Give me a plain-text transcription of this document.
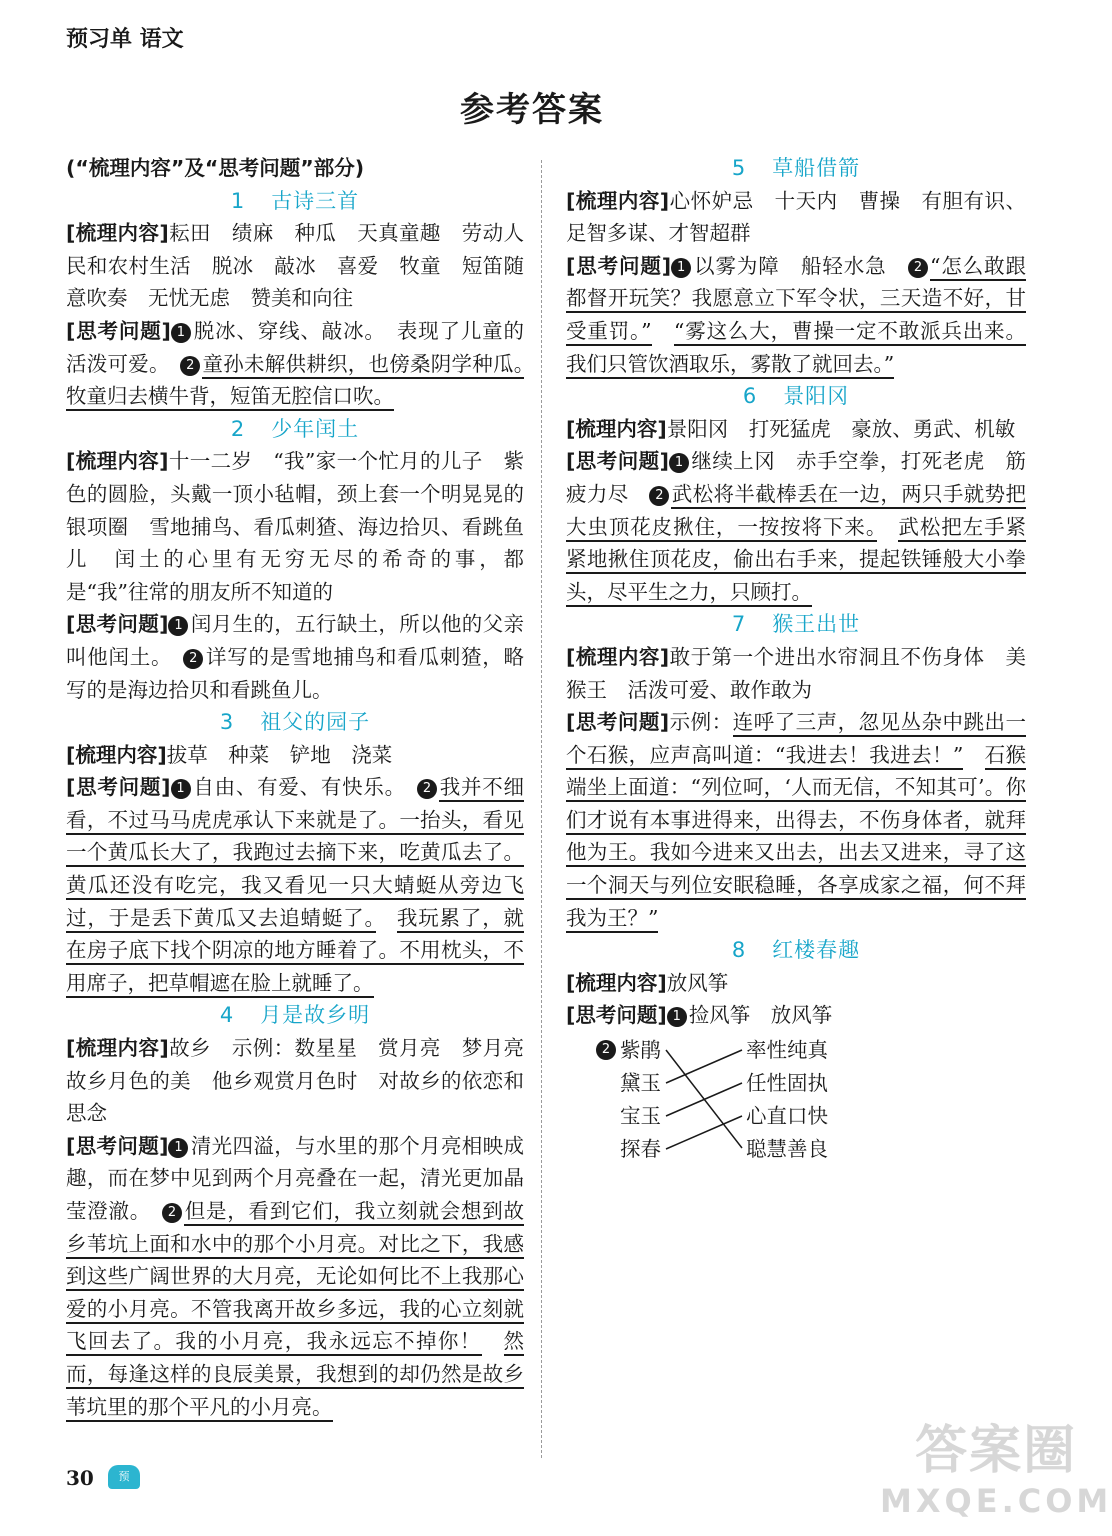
预习单 语文
参考答案
(“梳理内容”及“思考问题”部分)
1 古诗三首
[梳理内容]耘田　绩麻　种瓜　天真童趣　劳动人民和农村生活　脱冰　敲冰　喜爱　牧童　短笛随意吹奏　无忧无虑　赞美和向往
[思考问题] 1 脱冰、穿线、敲冰。　表现了儿童的活泼可爱。　 2 童孙未解供耕织，也傍桑阴学种瓜。　牧童归去横牛背，短笛无腔信口吹。
2 少年闰土
[梳理内容]十一二岁　“我”家一个忙月的儿子　紫色的圆脸，头戴一顶小毡帽，颈上套一个明晃晃的银项圈　雪地捕鸟、看瓜刺猹、海边拾贝、看跳鱼儿　闰土的心里有无穷无尽的希奇的事，都是“我”往常的朋友所不知道的
[思考问题] 1 闰月生的，五行缺土，所以他的父亲叫他闰土。　 2 详写的是雪地捕鸟和看瓜刺猹，略写的是海边拾贝和看跳鱼儿。
3 祖父的园子
[梳理内容]拔草　种菜　铲地　浇菜
[思考问题] 1 自由、有爱、有快乐。　 2 我并不细看，不过马马虎虎承认下来就是了。一抬头，看见一个黄瓜长大了，我跑过去摘下来，吃黄瓜去了。黄瓜还没有吃完，我又看见一只大蜻蜓从旁边飞过，于是丢下黄瓜又去追蜻蜓了。　 我玩累了，就在房子底下找个阴凉的地方睡着了。不用枕头，不用席子，把草帽遮在脸上就睡了。
4 月是故乡明
[梳理内容]故乡　示例：数星星　赏月亮　梦月亮　故乡月色的美　他乡观赏月色时　对故乡的依恋和思念
[思考问题] 1 清光四溢，与水里的那个月亮相映成趣，而在梦中见到两个月亮叠在一起，清光更加晶莹澄澈。　 2 但是，看到它们，我立刻就会想到故乡苇坑上面和水中的那个小月亮。对比之下，我感到这些广阔世界的大月亮，无论如何比不上我那心爱的小月亮。不管我离开故乡多远，我的心立刻就飞回去了。我的小月亮，我永远忘不掉你！　 然而，每逢这样的良辰美景，我想到的却仍然是故乡苇坑里的那个平凡的小月亮。
5 草船借箭
[梳理内容]心怀妒忌　十天内　曹操　有胆有识、足智多谋、才智超群
[思考问题] 1 以雾为障　船轻水急　 2 “怎么敢跟都督开玩笑？我愿意立下军令状，三天造不好，甘受重罚。”　 “雾这么大，曹操一定不敢派兵出来。我们只管饮酒取乐，雾散了就回去。”
6 景阳冈
[梳理内容]景阳冈　打死猛虎　豪放、勇武、机敏
[思考问题] 1 继续上冈　赤手空拳，打死老虎　筋疲力尽　 2 武松将半截棒丢在一边，两只手就势把大虫顶花皮揪住，一按按将下来。　 武松把左手紧紧地揪住顶花皮，偷出右手来，提起铁锤般大小拳头，尽平生之力，只顾打。
7 猴王出世
[梳理内容]敢于第一个进出水帘洞且不伤身体　美猴王　活泼可爱、敢作敢为
[思考问题]示例：连呼了三声，忽见丛杂中跳出一个石猴，应声高叫道：“我进去！我进去！”　 石猴端坐上面道：“列位呵，‘人而无信，不知其可’。你们才说有本事进得来，出得去，不伤身体者，就拜他为王。我如今进来又出去，出去又进来，寻了这一个洞天与列位安眠稳睡，各享成家之福，何不拜我为王？”
8 红楼春趣
[梳理内容]放风筝
[思考问题] 1 捡风筝　放风筝
2 紫鹃
黛玉
宝玉
探春
率性纯真
任性固执
心直口快
聪慧善良
30	预	答案圈
MXQE.COM
